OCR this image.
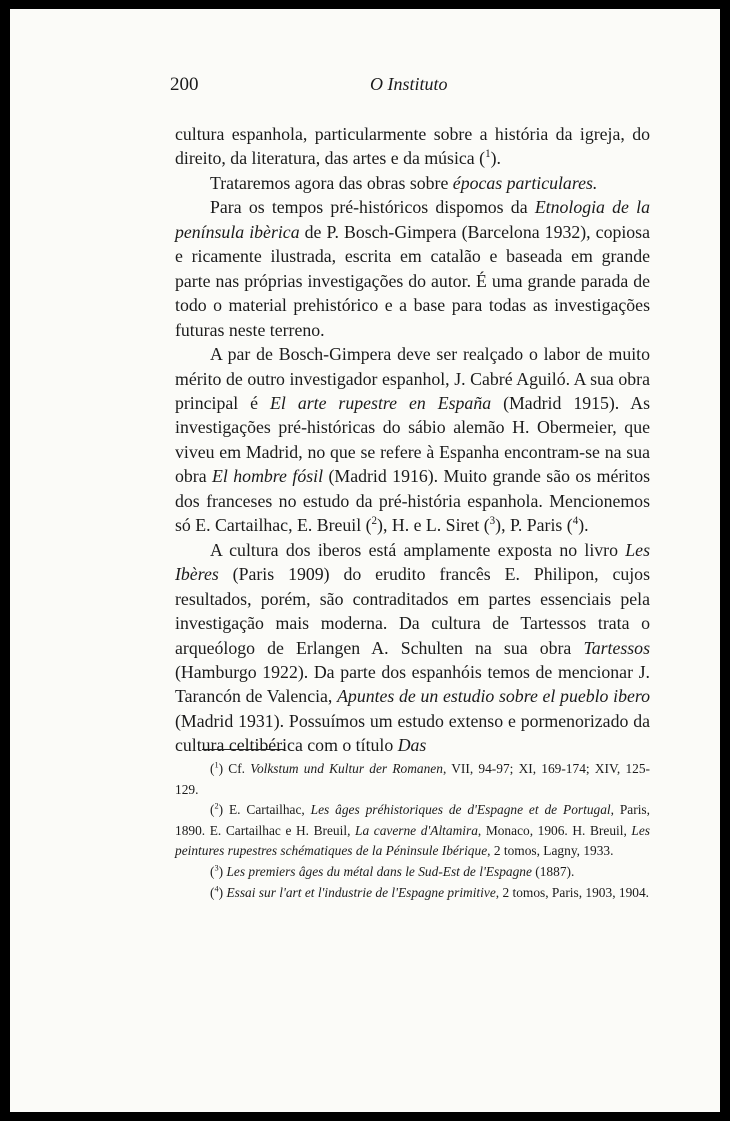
200	O Instituto

cultura espanhola, particularmente sobre a história da igreja, do direito, da literatura, das artes e da música ($^1$).

Trataremos agora das obras sobre épocas particulares.

Para os tempos pré-históricos dispomos da Etnologia de la península ibèrica de P. Bosch-Gimpera (Barcelona 1932), copiosa e ricamente ilustrada, escrita em catalão e baseada em grande parte nas próprias investigações do autor. É uma grande parada de todo o material prehistórico e a base para todas as investigações futuras neste terreno.

A par de Bosch-Gimpera deve ser realçado o labor de muito mérito de outro investigador espanhol, J. Cabré Aguiló. A sua obra principal é El arte rupestre en España (Madrid 1915). As investigações pré-históricas do sábio alemão H. Obermeier, que viveu em Madrid, no que se refere à Espanha encontram-se na sua obra El hombre fósil (Madrid 1916). Muito grande são os méritos dos franceses no estudo da pré-história espanhola. Mencionemos só E. Cartailhac, E. Breuil ($^2$), H. e L. Siret ($^3$), P. Paris ($^4$).

A cultura dos iberos está amplamente exposta no livro Les Ibères (Paris 1909) do erudito francês E. Philipon, cujos resultados, porém, são contraditados em partes essenciais pela investigação mais moderna. Da cultura de Tartessos trata o arqueólogo de Erlangen A. Schulten na sua obra Tartessos (Hamburgo 1922). Da parte dos espanhóis temos de mencionar J. Tarancón de Valencia, Apuntes de un estudio sobre el pueblo ibero (Madrid 1931). Possuímos um estudo extenso e pormenorizado da cultura celtibérica com o título Das

($^1$) Cf. Volkstum und Kultur der Romanen, VII, 94-97; XI, 169-174; XIV, 125-129.

($^2$) E. Cartailhac, Les âges préhistoriques de d'Espagne et de Portugal, Paris, 1890. E. Cartailhac e H. Breuil, La caverne d'Altamira, Monaco, 1906. H. Breuil, Les peintures rupestres schématiques de la Péninsule Ibérique, 2 tomos, Lagny, 1933.

($^3$) Les premiers âges du métal dans le Sud-Est de l'Espagne (1887).

($^4$) Essai sur l'art et l'industrie de l'Espagne primitive, 2 tomos, Paris, 1903, 1904.
